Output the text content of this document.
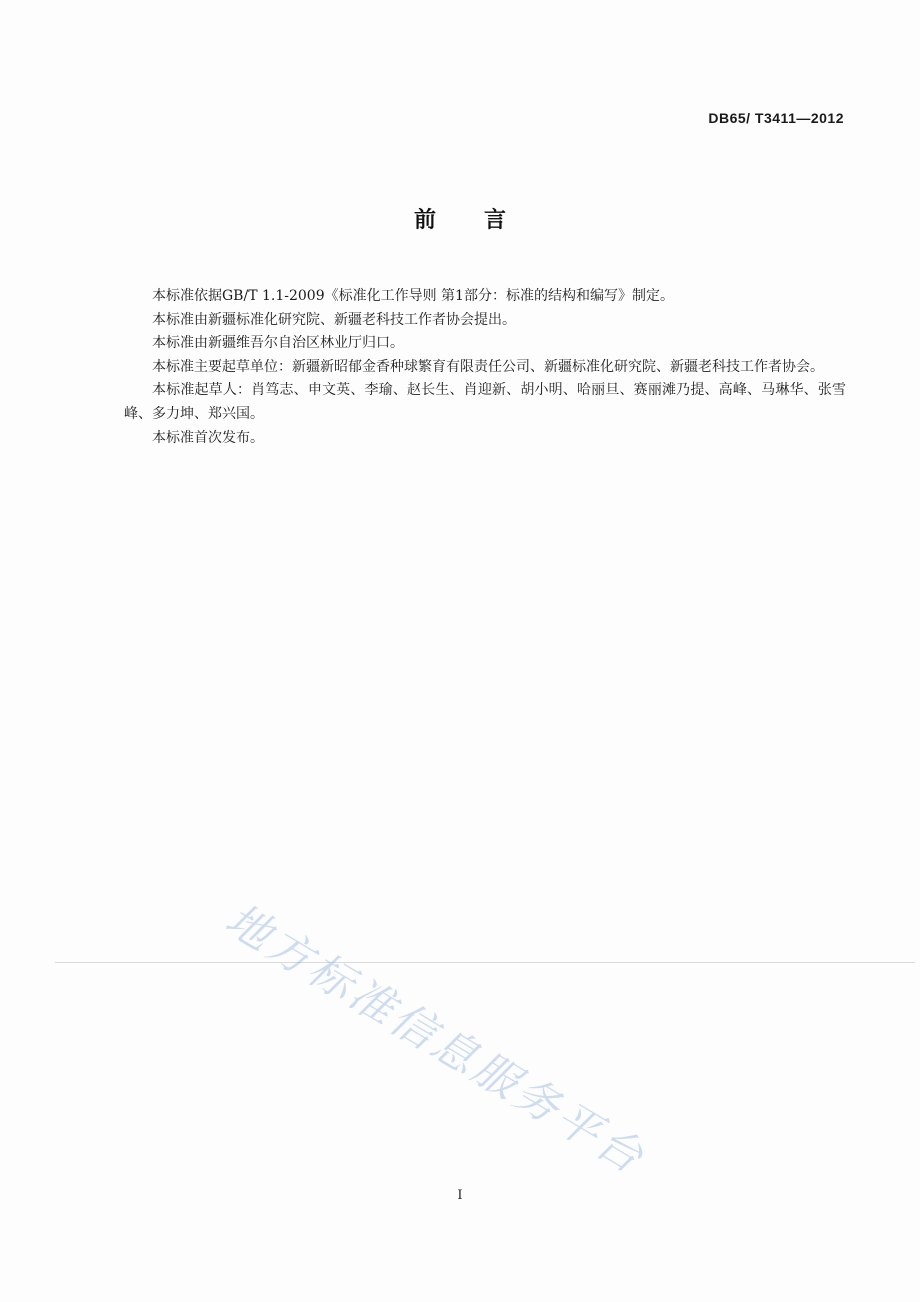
DB65/ T3411—2012
前言

本标准依据GB/T 1.1-2009《标准化工作导则 第1部分：标准的结构和编写》制定。

本标准由新疆标准化研究院、新疆老科技工作者协会提出。

本标准由新疆维吾尔自治区林业厅归口。

本标准主要起草单位：新疆新昭郁金香种球繁育有限责任公司、新疆标准化研究院、新疆老科技工作者协会。

本标准起草人：肖笃志、申文英、李瑜、赵长生、肖迎新、胡小明、哈丽旦、赛丽滩乃提、高峰、马琳华、张雪峰、多力坤、郑兴国。

本标准首次发布。

地方标准信息服务平台
I
